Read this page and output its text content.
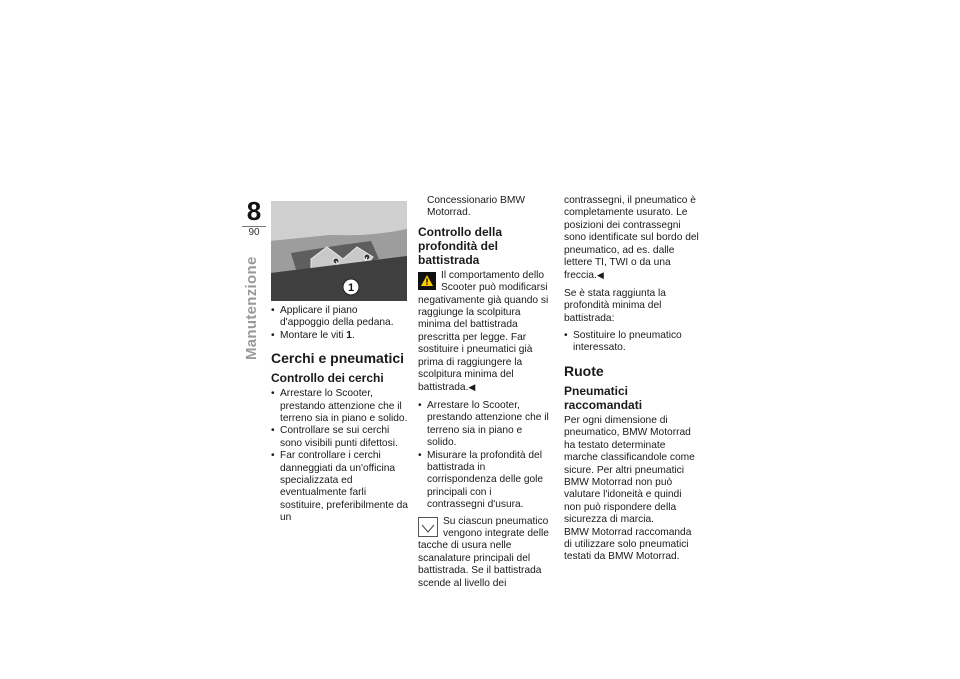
8
90
Manutenzione	1
• Applicare il piano d'appoggio della pedana.
• Montare le viti 1.
Cerchi e pneumatici
Controllo dei cerchi
• Arrestare lo Scooter, prestando attenzione che il terreno sia in piano e solido.
• Controllare se sui cerchi sono visibili punti difettosi.
• Far controllare i cerchi danneggiati da un'officina specializzata ed eventualmente farli sostituire, preferibilmente da un

Concessionario BMW Motorrad.

Controllo della profondità del battistrada
Il comportamento dello Scooter può modificarsi negativamente già quando si raggiunge la scolpitura minima del battistrada prescritta per legge. Far sostituire i pneumatici già prima di raggiungere la scolpitura minima del battistrada.◀
• Arrestare lo Scooter, prestando attenzione che il terreno sia in piano e solido.
• Misurare la profondità del battistrada in corrispondenza delle gole principali con i contrassegni d'usura.
Su ciascun pneumatico vengono integrate delle tacche di usura nelle scanalature principali del battistrada. Se il battistrada scende al livello dei

contrassegni, il pneumatico è completamente usurato. Le posizioni dei contrassegni sono identificate sul bordo del pneumatico, ad es. dalle lettere TI, TWI o da una freccia.◀

Se è stata raggiunta la profondità minima del battistrada:

• Sostituire lo pneumatico interessato.
Ruote
Pneumatici raccomandati

Per ogni dimensione di pneumatico, BMW Motorrad ha testato determinate marche classificandole come sicure. Per altri pneumatici BMW Motorrad non può valutare l'idoneità e quindi non può rispondere della sicurezza di marcia.

BMW Motorrad raccomanda di utilizzare solo pneumatici testati da BMW Motorrad.
